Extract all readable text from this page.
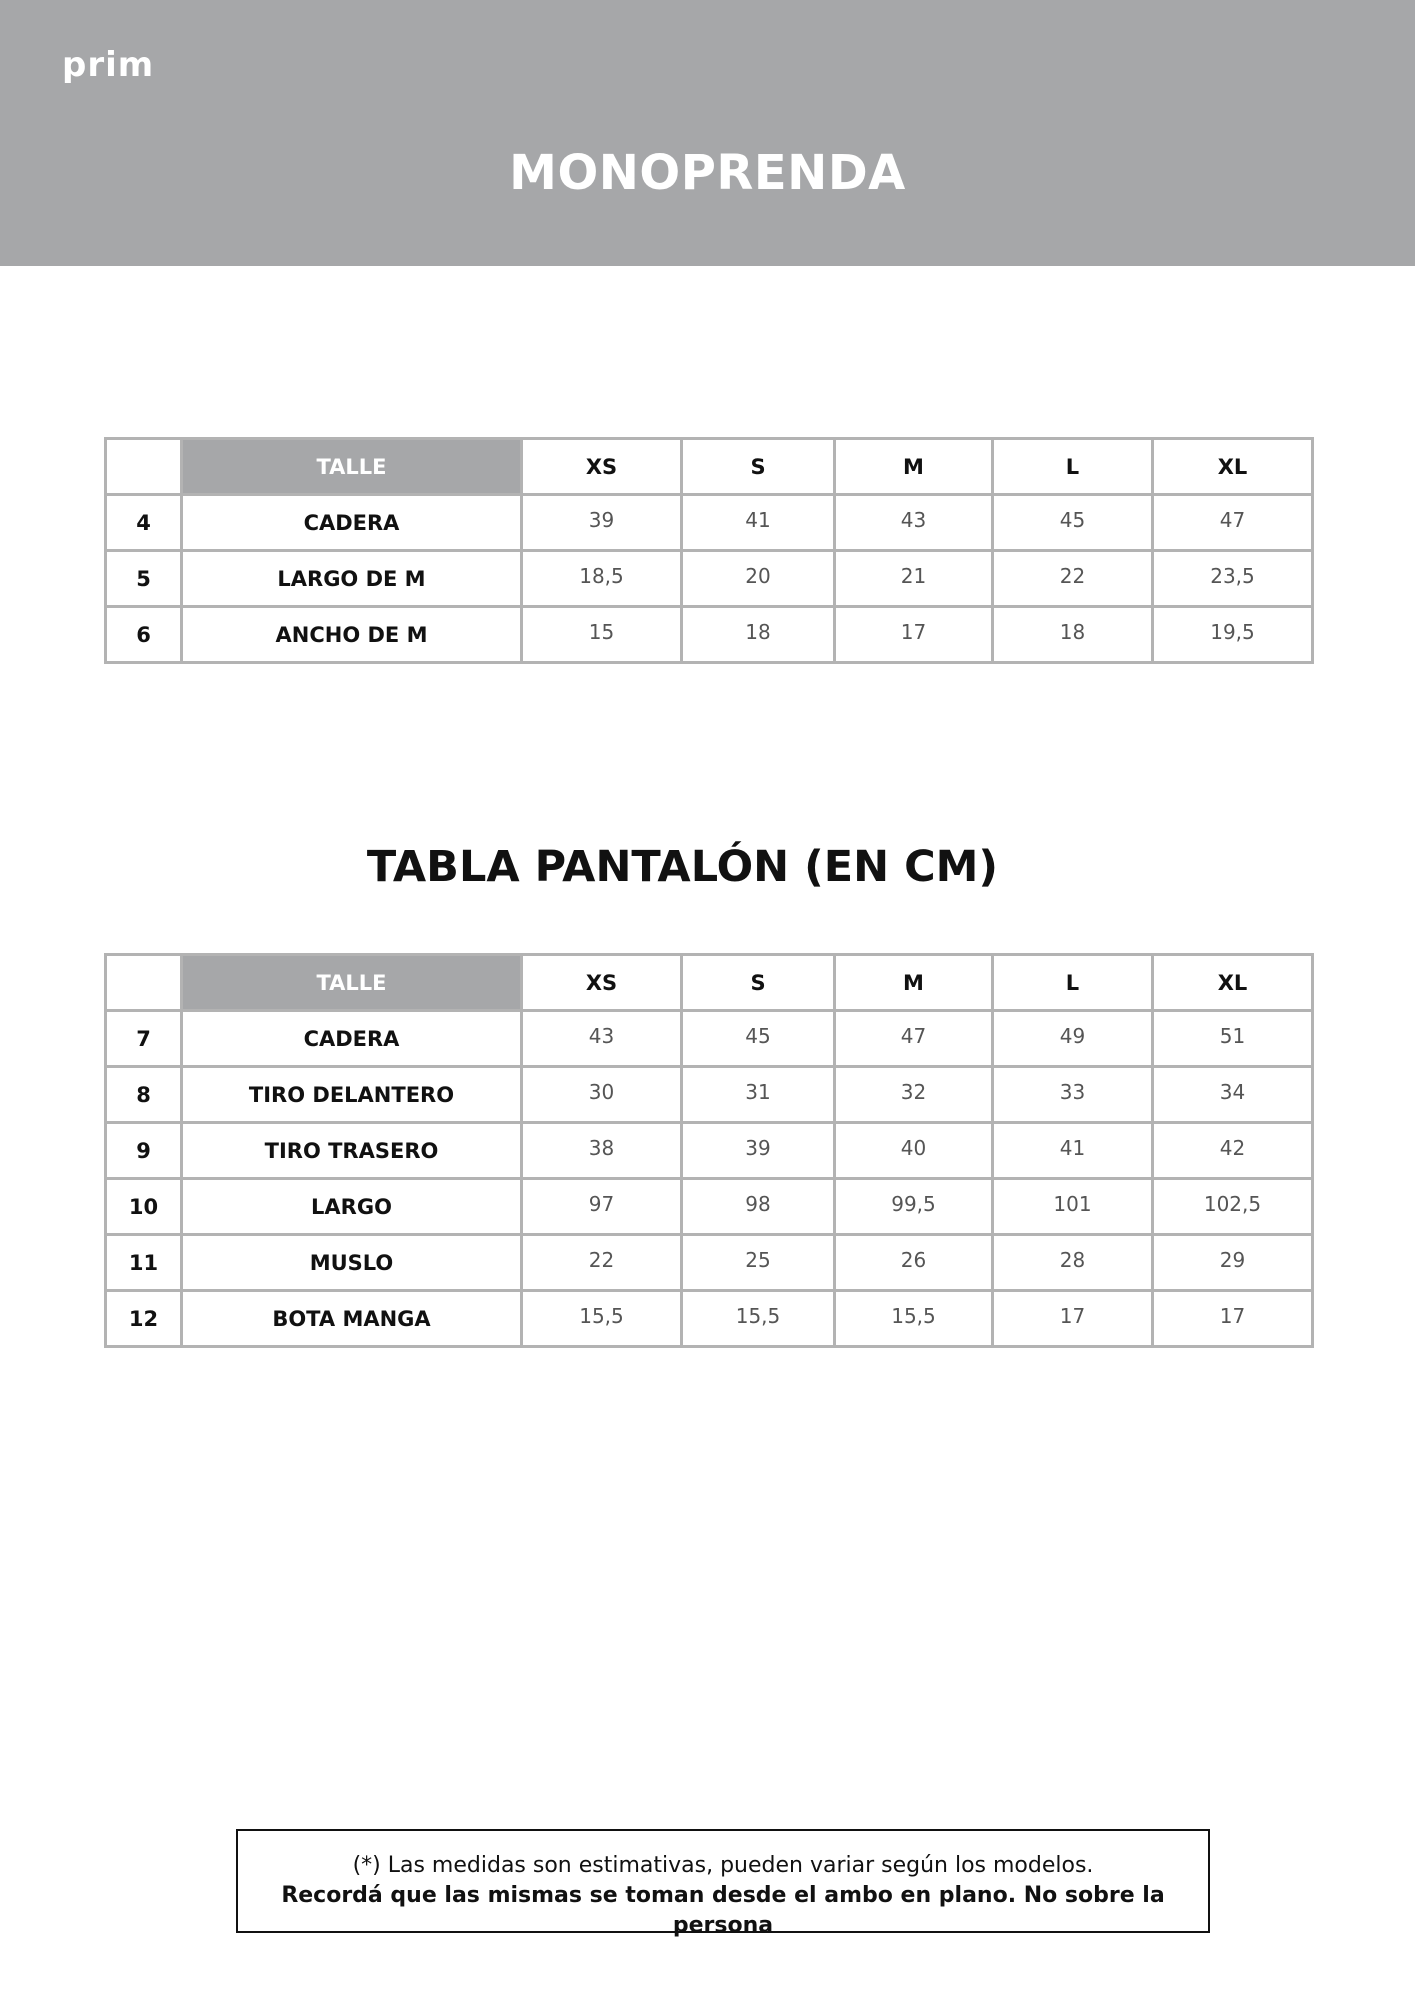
prim
MONOPRENDA
	TALLE	XS	S	M	L	XL
4	CADERA	39	41	43	45	47
5	LARGO DE M	18,5	20	21	22	23,5
6	ANCHO DE M	15	18	17	18	19,5
TABLA PANTALÓN (EN CM)
	TALLE	XS	S	M	L	XL
7	CADERA	43	45	47	49	51
8	TIRO DELANTERO	30	31	32	33	34
9	TIRO TRASERO	38	39	40	41	42
10	LARGO	97	98	99,5	101	102,5
11	MUSLO	22	25	26	28	29
12	BOTA MANGA	15,5	15,5	15,5	17	17
(*) Las medidas son estimativas, pueden variar según los modelos.
Recordá que las mismas se toman desde el ambo en plano. No sobre la persona
